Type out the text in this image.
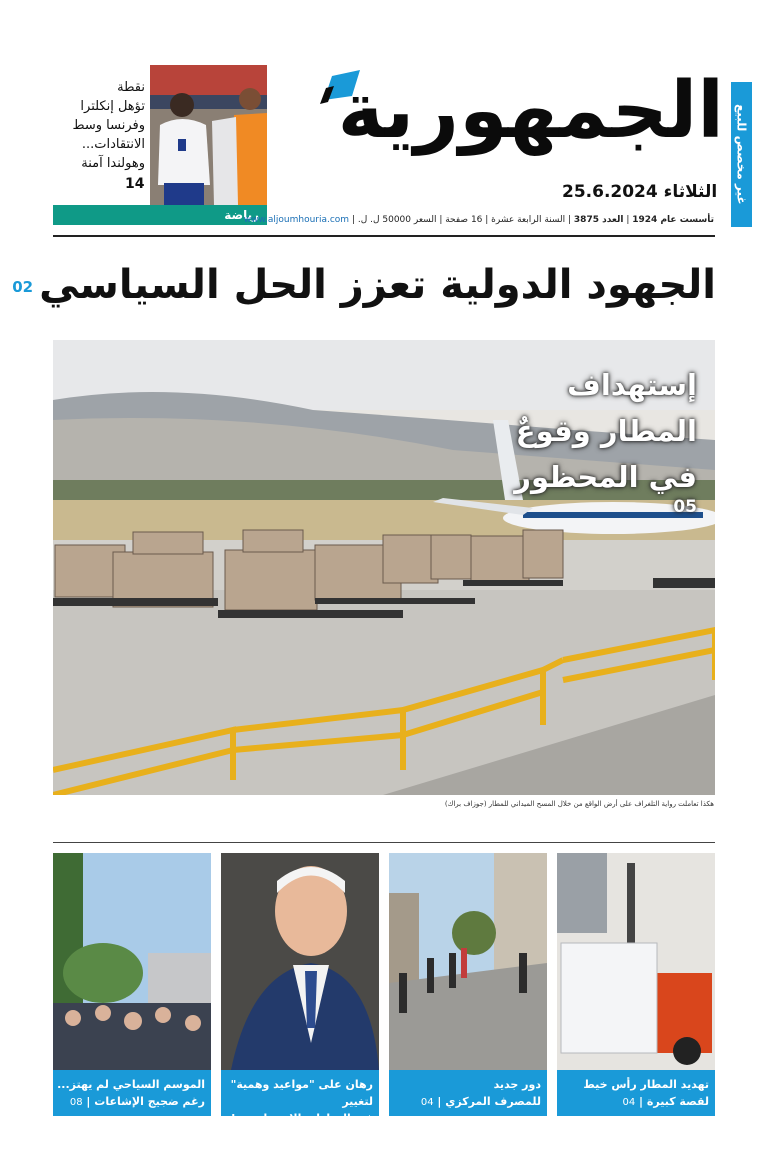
غير مخصص للبيع
الجمهورية
الثلاثاء 25.6.2024
نقطة
تؤهل إنكلترا
وفرنسا وسط
الانتقادات...
وهولندا آمنة
14
رياضة	تأسست عام 1924 | العدد 3875 | السنة الرابعة عشرة | 16 صفحة | السعر 50000 ل. ل. | www.aljoumhouria.com
الجهود الدولية تعزز الحل السياسي02
إستهداف
المطار وقوعٌ
في المحظور
05
هكذا تعاملت رواية التلغراف على أرض الواقع من خلال المسح الميداني للمطار (جوزاف براك)
تهديد المطار رأس خيط
لقصة كبيرة | 04
دور جديد
للمصرف المركزي | 04
رهان على "مواعيد وهمية" لتغيير
في الخيارات الاستراتيجية! | 06
الموسم السياحي لم يهتز...
رغم ضجيج الإشاعات | 08
